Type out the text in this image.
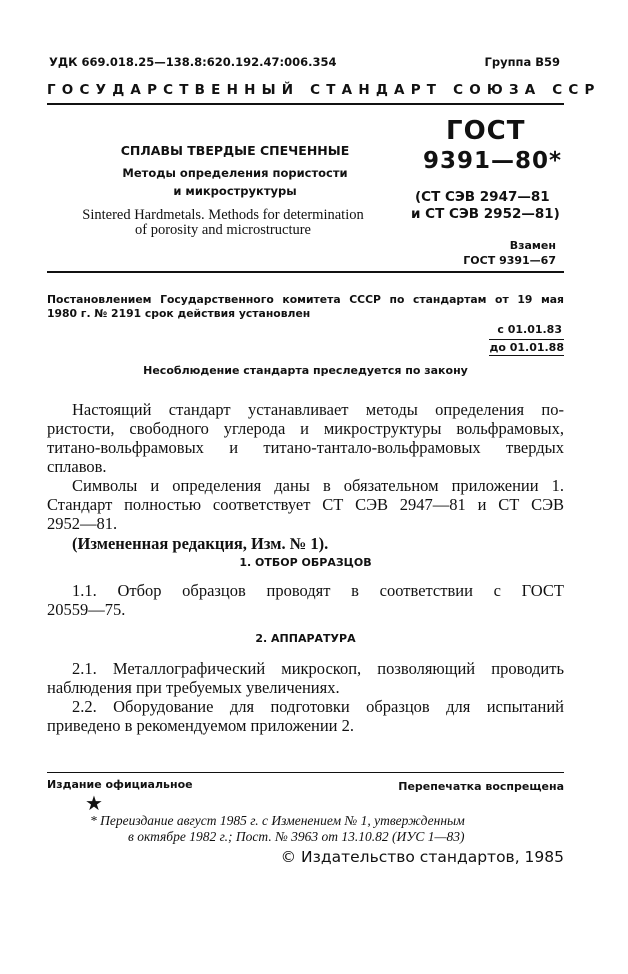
УДК 669.018.25—138.8:620.192.47:006.354	Группа В59
ГОСУДАРСТВЕННЫЙ СТАНДАРТ СОЮЗА ССР
СПЛАВЫ ТВЕРДЫЕ СПЕЧЕННЫЕ
Методы определения пористости
и микроструктуры
Sintered Hardmetals. Methods for determination
of porosity and microstructure
ГОСТ
9391—80*
(СТ СЭВ 2947—81
и СТ СЭВ 2952—81)
Взамен
ГОСТ 9391—67
Постановлением Государственного комитета СССР по стандартам от 19 мая
1980 г. № 2191 срок действия установлен
с 01.01.83
до 01.01.88
Несоблюдение стандарта преследуется по закону
Настоящий стандарт устанавливает методы определения по-
ристости, свободного углерода и микроструктуры вольфрамовых,
титано-вольфрамовых и титано-тантало-вольфрамовых твердых
сплавов.
Символы и определения даны в обязательном приложении 1.
Стандарт полностью соответствует СТ СЭВ 2947—81 и СТ СЭВ
2952—81.
(Измененная редакция, Изм. № 1).
1. ОТБОР ОБРАЗЦОВ
1.1. Отбор образцов проводят в соответствии с ГОСТ
20559—75.
2. АППАРАТУРА
2.1. Металлографический микроскоп, позволяющий проводить
наблюдения при требуемых увеличениях.
2.2. Оборудование для подготовки образцов для испытаний
приведено в рекомендуемом приложении 2.
Издание официальное	Перепечатка воспрещена
★
* Переиздание август 1985 г. с Изменением № 1, утвержденным
в октябре 1982 г.; Пост. № 3963 от 13.10.82 (ИУС 1—83)
© Издательство стандартов, 1985
